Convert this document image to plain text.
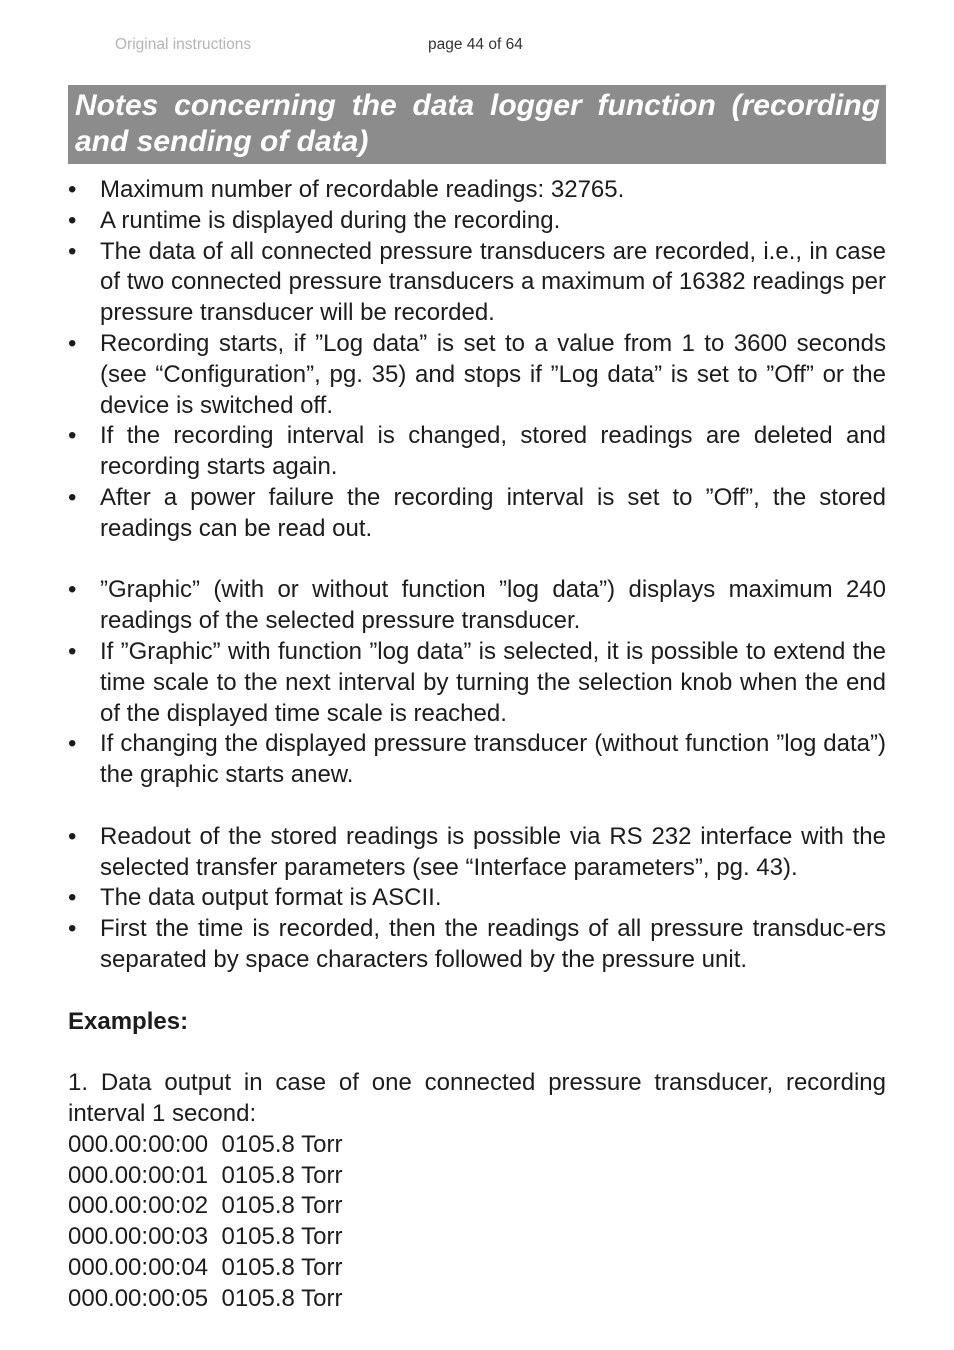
Original instructions	page 44 of 64
Notes concerning the data logger function (recording and sending of data)
• Maximum number of recordable readings: 32765.
• A runtime is displayed during the recording.
• The data of all connected pressure transducers are recorded, i.e., in case of two connected pressure transducers a maximum of 16382 readings per pressure transducer will be recorded.
• Recording starts, if ”Log data” is set to a value from 1 to 3600 seconds (see “Configuration”, pg. 35) and stops if ”Log data” is set to ”Off” or the device is switched off.
• If the recording interval is changed, stored readings are deleted and recording starts again.
• After a power failure the recording interval is set to ”Off”, the stored readings can be read out.
• ”Graphic” (with or without function ”log data”) displays maximum 240 readings of the selected pressure transducer.
• If ”Graphic” with function ”log data” is selected, it is possible to extend the time scale to the next interval by turning the selection knob when the end of the displayed time scale is reached.
• If changing the displayed pressure transducer (without function ”log data”) the graphic starts anew.
• Readout of the stored readings is possible via RS 232 interface with the selected transfer parameters (see “Interface parameters”, pg. 43).
• The data output format is ASCII.
• First the time is recorded, then the readings of all pressure transduc-ers separated by space characters followed by the pressure unit.

Examples:

1. Data output in case of one connected pressure transducer, recording interval 1 second:

000.00:00:00  0105.8 Torr
000.00:00:01  0105.8 Torr
000.00:00:02  0105.8 Torr
000.00:00:03  0105.8 Torr
000.00:00:04  0105.8 Torr
000.00:00:05  0105.8 Torr
